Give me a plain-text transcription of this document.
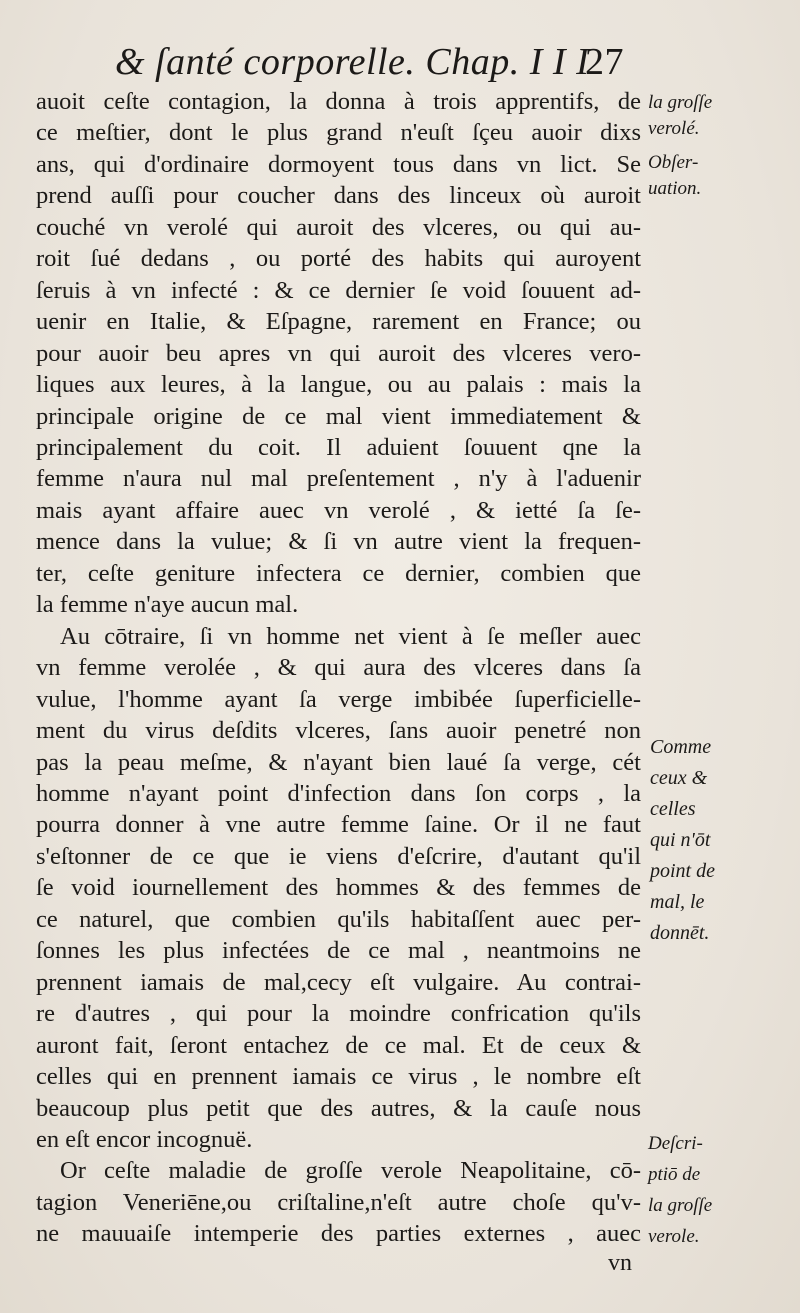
& ſanté corporelle. Chap. I I I
27
auoit ceſte contagion, la donna à trois apprentifs, de
ce meſtier, dont le plus grand n'euſt ſçeu auoir dixs
ans, qui d'ordinaire dormoyent tous dans vn lict. Se
prend auſſi pour coucher dans des linceux où auroit
couché vn verolé qui auroit des vlceres, ou qui au-
roit ſué dedans , ou porté des habits qui auroyent
ſeruis à vn infecté : & ce dernier ſe void ſouuent ad-
uenir en Italie, & Eſpagne, rarement en France; ou
pour auoir beu apres vn qui auroit des vlceres vero-
liques aux leures, à la langue, ou au palais : mais la
principale origine de ce mal vient immediatement &
principalement du coit. Il aduient ſouuent qne la
femme n'aura nul mal preſentement , n'y à l'aduenir
mais ayant affaire auec vn verolé , & ietté ſa ſe-
mence dans la vulue; & ſi vn autre vient la frequen-
ter, ceſte geniture infectera ce dernier, combien que
la femme n'aye aucun mal.
Au cōtraire, ſi vn homme net vient à ſe meſler auec
vn femme verolée , & qui aura des vlceres dans ſa
vulue, l'homme ayant ſa verge imbibée ſuperficielle-
ment du virus deſdits vlceres, ſans auoir penetré non
pas la peau meſme, & n'ayant bien laué ſa verge, cét
homme n'ayant point d'infection dans ſon corps , la
pourra donner à vne autre femme ſaine. Or il ne faut
s'eſtonner de ce que ie viens d'eſcrire, d'autant qu'il
ſe void iournellement des hommes & des femmes de
ce naturel, que combien qu'ils habitaſſent auec per-
ſonnes les plus infectées de ce mal , neantmoins ne
prennent iamais de mal,cecy eſt vulgaire. Au contrai-
re d'autres , qui pour la moindre confrication qu'ils
auront fait, ſeront entachez de ce mal. Et de ceux &
celles qui en prennent iamais ce virus , le nombre eſt
beaucoup plus petit que des autres, & la cauſe nous
en eſt encor incognuë.
Or ceſte maladie de groſſe verole Neapolitaine, cō-
tagion Veneriēne,ou criſtaline,n'eſt autre choſe qu'v-
ne mauuaiſe intemperie des parties externes , auec
vn
la groſſe
verolé.
Obſer-
uation.
Comme
ceux &
celles
qui n'ōt
point de
mal, le
donnēt.
Deſcri-
ptiō de
la groſſe
verole.
